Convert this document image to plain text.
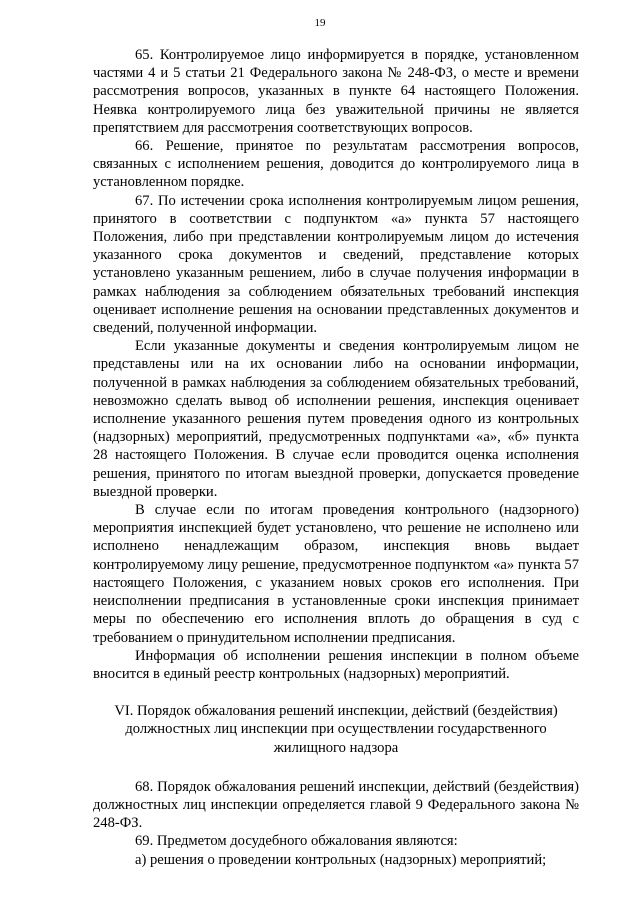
19

65. Контролируемое лицо информируется в порядке, установленном частями 4 и 5 статьи 21 Федерального закона № 248-ФЗ, о месте и времени рассмотрения вопросов, указанных в пункте 64 настоящего Положения. Неявка контролируемого лица без уважительной причины не является препятствием для рассмотрения соответствующих вопросов.

66. Решение, принятое по результатам рассмотрения вопросов, связанных с исполнением решения, доводится до контролируемого лица в установленном порядке.

67. По истечении срока исполнения контролируемым лицом решения, принятого в соответствии с подпунктом «а» пункта 57 настоящего Положения, либо при представлении контролируемым лицом до истечения указанного срока документов и сведений, представление которых установлено указанным решением, либо в случае получения информации в рамках наблюдения за соблюдением обязательных требований инспекция оценивает исполнение решения на основании представленных документов и сведений, полученной информации.

Если указанные документы и сведения контролируемым лицом не представлены или на их основании либо на основании информации, полученной в рамках наблюдения за соблюдением обязательных требований, невозможно сделать вывод об исполнении решения, инспекция оценивает исполнение указанного решения путем проведения одного из контрольных (надзорных) мероприятий, предусмотренных подпунктами «а», «б» пункта 28 настоящего Положения. В случае если проводится оценка исполнения решения, принятого по итогам выездной проверки, допускается проведение выездной проверки.

В случае если по итогам проведения контрольного (надзорного) мероприятия инспекцией будет установлено, что решение не исполнено или исполнено ненадлежащим образом, инспекция вновь выдает контролируемому лицу решение, предусмотренное подпунктом «а» пункта 57 настоящего Положения, с указанием новых сроков его исполнения. При неисполнении предписания в установленные сроки инспекция принимает меры по обеспечению его исполнения вплоть до обращения в суд с требованием о принудительном исполнении предписания.

Информация об исполнении решения инспекции в полном объеме вносится в единый реестр контрольных (надзорных) мероприятий.

VI. Порядок обжалования решений инспекции, действий (бездействия) должностных лиц инспекции при осуществлении государственного жилищного надзора

68. Порядок обжалования решений инспекции, действий (бездействия) должностных лиц инспекции определяется главой 9 Федерального закона № 248-ФЗ.

69. Предметом досудебного обжалования являются:

а) решения о проведении контрольных (надзорных) мероприятий;
